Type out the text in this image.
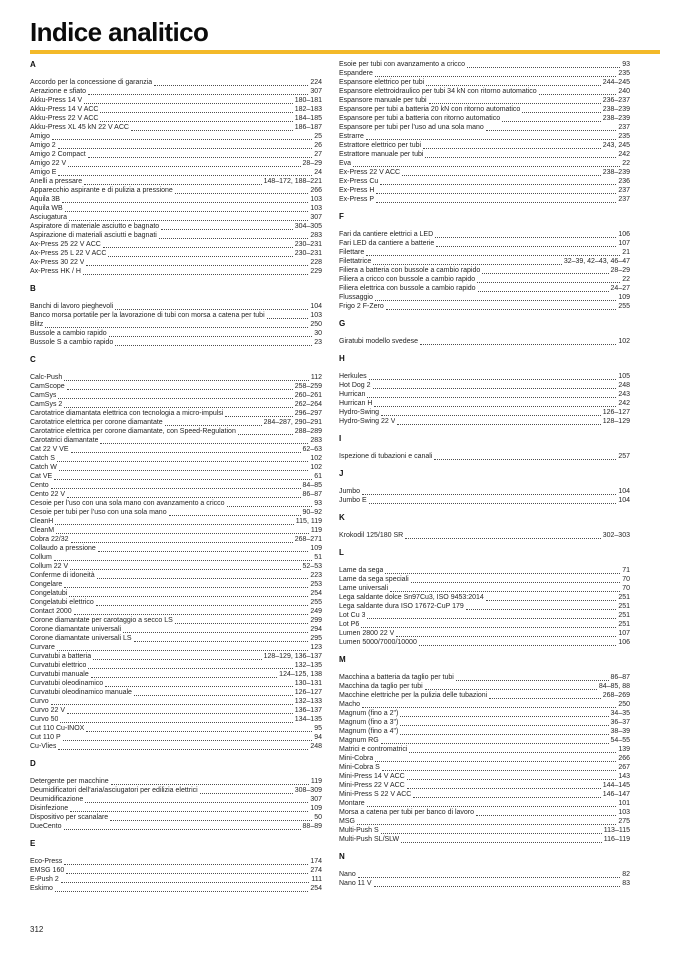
Indice analitico
A
Accordo per la concessione di garanzia	224
Aerazione e sfiato	307
Akku-Press 14 V	180–181
Akku-Press 14 V ACC	182–183
Akku-Press 22 V ACC	184–185
Akku-Press XL 45 kN 22 V ACC	186–187
Amigo	25
Amigo 2	26
Amigo 2 Compact	27
Amigo 22 V	28–29
Amigo E	24
Anelli a pressare	148–172, 188–221
Apparecchio aspirante e di pulizia a pressione	266
Aquila 3B	103
Aquila WB	103
Asciugatura	307
Aspiratore di materiale asciutto e bagnato	304–305
Aspirazione di materiali asciutti e bagnati	283
Ax-Press 25 22 V ACC	230–231
Ax-Press 25 L 22 V ACC	230–231
Ax-Press 30 22 V	228
Ax-Press HK / H	229
B
Banchi di lavoro pieghevoli	104
Banco morsa portatile per la lavorazione di tubi con morsa a catena per tubi	103
Blitz	250
Bussole a cambio rapido	30
Bussole S a cambio rapido	23
C
Calc-Push	112
CamScope	258–259
CamSys	260–261
CamSys 2	262–264
Carotatrice diamantata elettrica con tecnologia a micro-impulsi	296–297
Carotatrice elettrica per corone diamantate	284–287, 290–291
Carotatrice elettrica per corone diamantate, con Speed-Regulation	288–289
Carotatrici diamantate	283
Cat 22 V VE	62–63
Catch S	102
Catch W	102
Cat VE	61
Cento	84–85
Cento 22 V	86–87
Cesoie per l’uso con una sola mano con avanzamento a cricco	93
Cesoie per tubi per l’uso con una sola mano	90–92
CleanH	115, 119
CleanM	119
Cobra 22/32	268–271
Collaudo a pressione	109
Collum	51
Collum 22 V	52–53
Conferme di idoneità	223
Congelare	253
Congelatubi	254
Congelatubi elettrico	255
Contact 2000	249
Corone diamantate per carotaggio a secco LS	299
Corone diamantate universali	294
Corone diamantate universali LS	295
Curvare	123
Curvatubi a batteria	128–129, 136–137
Curvatubi elettrico	132–135
Curvatubi manuale	124–125, 138
Curvatubi oleodinamico	130–131
Curvatubi oleodinamico manuale	126–127
Curvo	132–133
Curvo 22 V	136–137
Curvo 50	134–135
Cut 110 Cu-INOX	95
Cut 110 P	94
Cu-Vlies	248
D
Detergente per macchine	119
Deumidificatori dell’aria/asciugatori per edilizia elettrici	308–309
Deumidificazione	307
Disinfezione	109
Dispositivo per scanalare	50
DueCento	88–89
E
Eco-Press	174
EMSG 160	274
E-Push 2	111
Eskimo	254
Esoie per tubi con avanzamento a cricco	93
Espandere	235
Espansore elettrico per tubi	244–245
Espansore elettroidraulico per tubi 34 kN con ritorno automatico	240
Espansore manuale per tubi	236–237
Espansore per tubi a batteria 20 kN con ritorno automatico	238–239
Espansore per tubi a batteria con ritorno automatico	238–239
Espansore per tubi per l’uso ad una sola mano	237
Estrarre	235
Estrattore elettrico per tubi	243, 245
Estrattore manuale per tubi	242
Eva	22
Ex-Press 22 V ACC	238–239
Ex-Press Cu	236
Ex-Press H	237
Ex-Press P	237
F
Fari da cantiere elettrici a LED	106
Fari LED da cantiere a batterie	107
Filettare	21
Filettatrice	32–39, 42–43, 46–47
Filiera a batteria con bussole a cambio rapido	28–29
Filiera a cricco con bussole a cambio rapido	22
Filiera elettrica con bussole a cambio rapido	24–27
Flussaggio	109
Frigo 2 F-Zero	255
G
Giratubi modello svedese	102
H
Herkules	105
Hot Dog 2	248
Hurrican	243
Hurrican H	242
Hydro-Swing	126–127
Hydro-Swing 22 V	128–129
I
Ispezione di tubazioni e canali	257
J
Jumbo	104
Jumbo E	104
K
Krokodil 125/180 SR	302–303
L
Lame da sega	71
Lame da sega speciali	70
Lame universali	70
Lega saldante dolce Sn97Cu3, ISO 9453:2014	251
Lega saldante dura ISO 17672-CuP 179	251
Lot Cu 3	251
Lot P6	251
Lumen 2800 22 V	107
Lumen 5000/7000/10000	106
M
Macchina a batteria da taglio per tubi	86–87
Macchina da taglio per tubi	84–85, 88
Macchine elettriche per la pulizia delle tubazioni	268–269
Macho	250
Magnum (fino a 2")	34–35
Magnum (fino a 3")	36–37
Magnum (fino a 4")	38–39
Magnum RG	54–55
Matrici e contromatrici	139
Mini-Cobra	266
Mini-Cobra S	267
Mini-Press 14 V ACC	143
Mini-Press 22 V ACC	144–145
Mini-Press S 22 V ACC	146–147
Montare	101
Morsa a catena per tubi per banco di lavoro	103
MSG	275
Multi-Push S	113–115
Multi-Push SL/SLW	116–119
N
Nano	82
Nano 11 V	83
312
